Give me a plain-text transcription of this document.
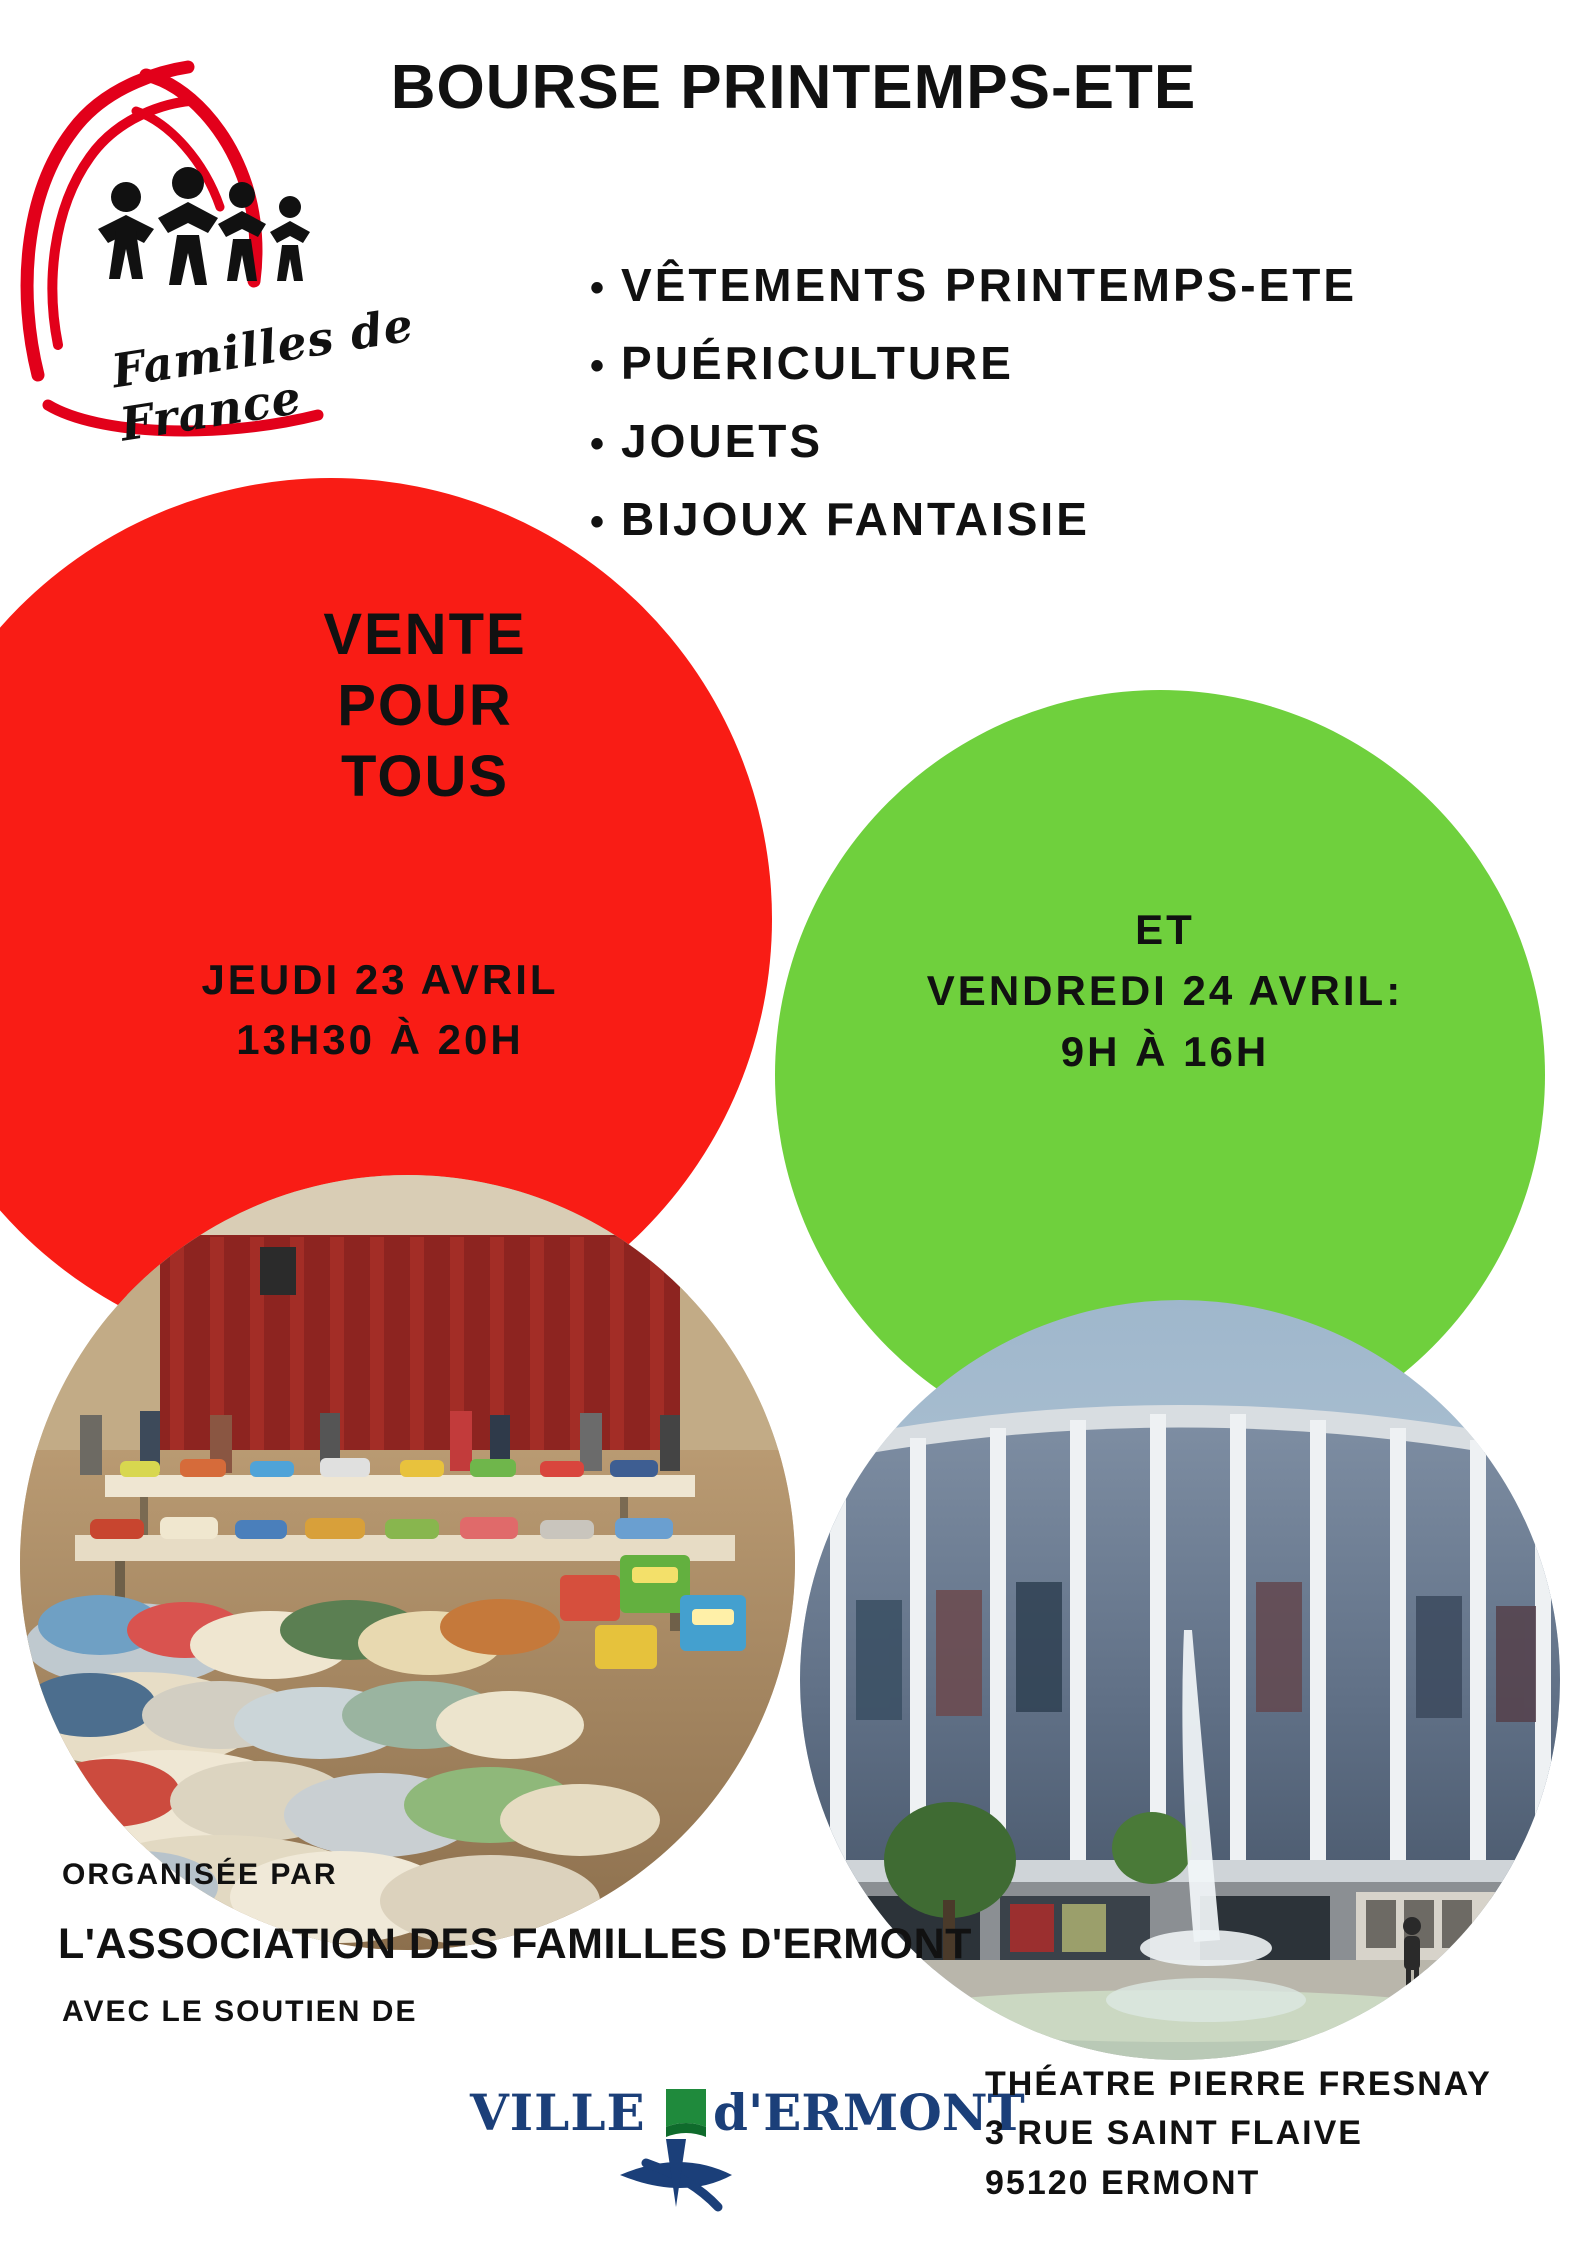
BOURSE PRINTEMPS-ETE
Familles de France
• VÊTEMENTS PRINTEMPS-ETE
• PUÉRICULTURE
• JOUETS
• BIJOUX FANTAISIE
VENTE
POUR
TOUS
JEUDI 23 AVRIL
13H30 À 20H
ET
VENDREDI 24 AVRIL:
9H À 16H
ORGANISÉE PAR
L'ASSOCIATION DES FAMILLES D'ERMONT
AVEC LE SOUTIEN DE
VILLE d'ERMONT
THÉATRE PIERRE FRESNAY
3 RUE SAINT FLAIVE
95120 ERMONT
